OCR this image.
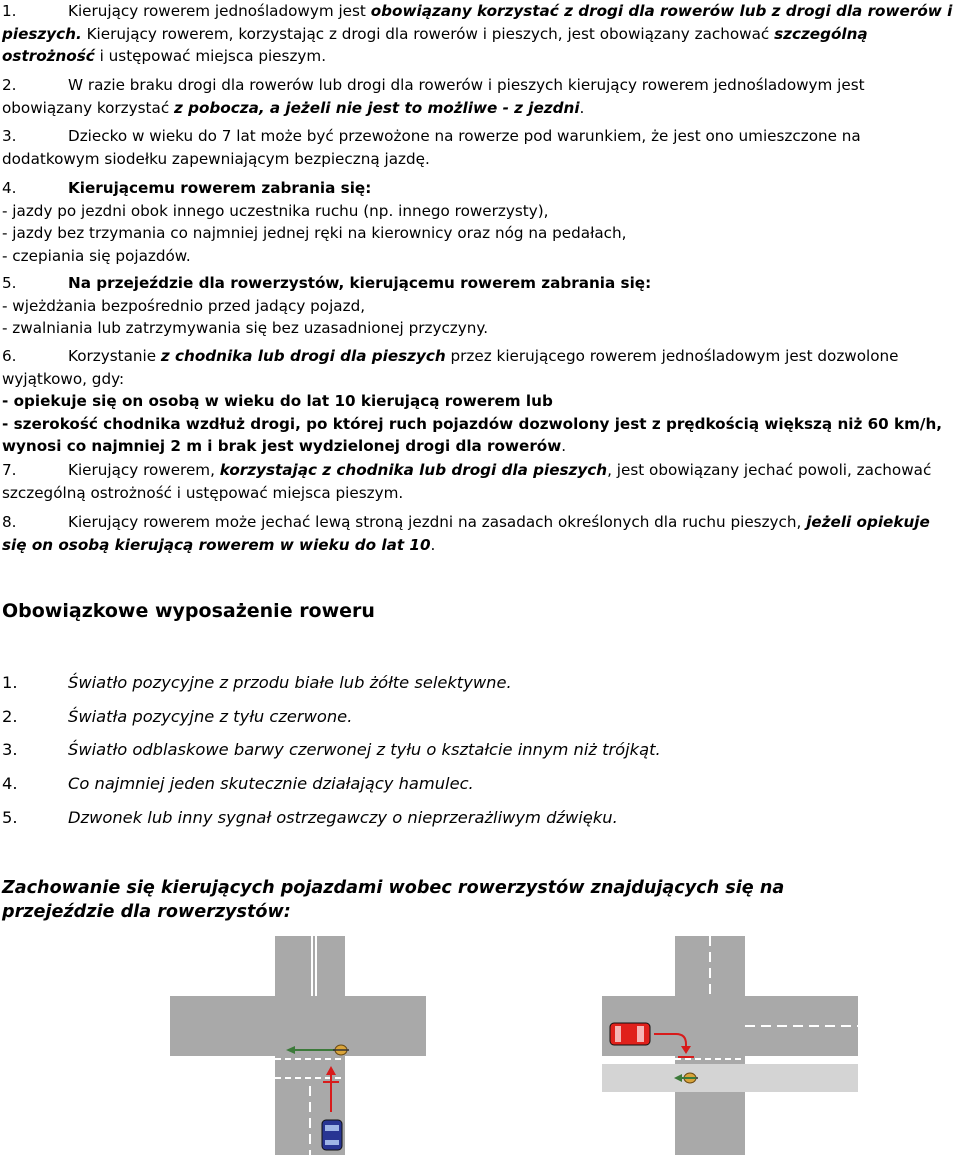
1.	Kierujący rowerem jednośladowym jest obowiązany korzystać z drogi dla rowerów lub z drogi dla rowerów i pieszych. Kierujący rowerem, korzystając z drogi dla rowerów i pieszych, jest obowiązany zachować szczególną ostrożność i ustępować miejsca pieszym.
2.	W razie braku drogi dla rowerów lub drogi dla rowerów i pieszych kierujący rowerem jednośladowym jest obowiązany korzystać z pobocza, a jeżeli nie jest to możliwe - z jezdni.
3.	Dziecko w wieku do 7 lat może być przewożone na rowerze pod warunkiem, że jest ono umieszczone na dodatkowym siodełku zapewniającym bezpieczną jazdę.
4.	Kierującemu rowerem zabrania się:
- jazdy po jezdni obok innego uczestnika ruchu (np. innego rowerzysty),
- jazdy bez trzymania co najmniej jednej ręki na kierownicy oraz nóg na pedałach,
- czepiania się pojazdów.
5.	Na przejeździe dla rowerzystów, kierującemu rowerem zabrania się:
- wjeżdżania bezpośrednio przed jadący pojazd,
- zwalniania lub zatrzymywania się bez uzasadnionej przyczyny.
6.	Korzystanie z chodnika lub drogi dla pieszych przez kierującego rowerem jednośladowym jest dozwolone wyjątkowo, gdy:
- opiekuje się on osobą w wieku do lat 10 kierującą rowerem lub
- szerokość chodnika wzdłuż drogi, po której ruch pojazdów dozwolony jest z prędkością większą niż 60 km/h, wynosi co najmniej 2 m i brak jest wydzielonej drogi dla rowerów.
7.	Kierujący rowerem, korzystając z chodnika lub drogi dla pieszych, jest obowiązany jechać powoli, zachować szczególną ostrożność i ustępować miejsca pieszym.
8.	Kierujący rowerem może jechać lewą stroną jezdni na zasadach określonych dla ruchu pieszych, jeżeli opiekuje się on osobą kierującą rowerem w wieku do lat 10.
Obowiązkowe wyposażenie roweru
1.	Światło pozycyjne z przodu białe lub żółte selektywne.
2.	Światła pozycyjne z tyłu czerwone.
3.	Światło odblaskowe barwy czerwonej z tyłu o kształcie innym niż trójkąt.
4.	Co najmniej jeden skutecznie działający hamulec.
5.	Dzwonek lub inny sygnał ostrzegawczy o nieprzerażliwym dźwięku.
Zachowanie się kierujących pojazdami wobec rowerzystów znajdujących się na przejeździe dla rowerzystów:
